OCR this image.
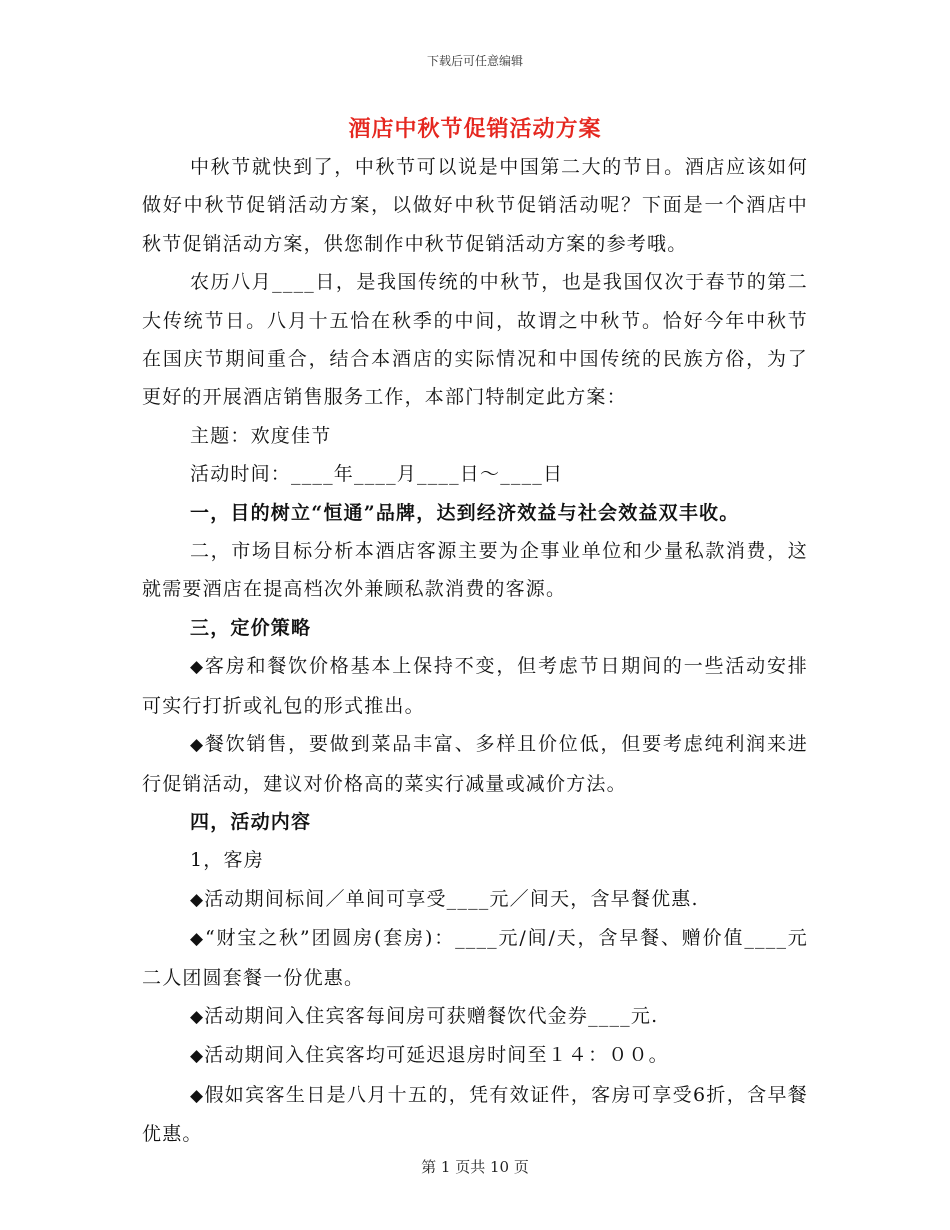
下载后可任意编辑
酒店中秋节促销活动方案

中秋节就快到了，中秋节可以说是中国第二大的节日。酒店应该如何做好中秋节促销活动方案，以做好中秋节促销活动呢？下面是一个酒店中秋节促销活动方案，供您制作中秋节促销活动方案的参考哦。

农历八月____日，是我国传统的中秋节，也是我国仅次于春节的第二大传统节日。八月十五恰在秋季的中间，故谓之中秋节。恰好今年中秋节在国庆节期间重合，结合本酒店的实际情况和中国传统的民族方俗，为了更好的开展酒店销售服务工作，本部门特制定此方案：

主题：欢度佳节

活动时间：____年____月____日～____日

一，目的树立“恒通”品牌，达到经济效益与社会效益双丰收。

二，市场目标分析本酒店客源主要为企事业单位和少量私款消费，这就需要酒店在提高档次外兼顾私款消费的客源。

三，定价策略

◆客房和餐饮价格基本上保持不变，但考虑节日期间的一些活动安排可实行打折或礼包的形式推出。

◆餐饮销售，要做到菜品丰富、多样且价位低，但要考虑纯利润来进行促销活动，建议对价格高的菜实行减量或减价方法。

四，活动内容

1，客房

◆活动期间标间／单间可享受____元／间天，含早餐优惠.

◆“财宝之秋”团圆房(套房)：____元/间/天，含早餐、赠价值____元二人团圆套餐一份优惠。

◆活动期间入住宾客每间房可获赠餐饮代金券____元.

◆活动期间入住宾客均可延迟退房时间至１４：００。

◆假如宾客生日是八月十五的，凭有效证件，客房可享受6折，含早餐优惠。

第 1 页共 10 页
